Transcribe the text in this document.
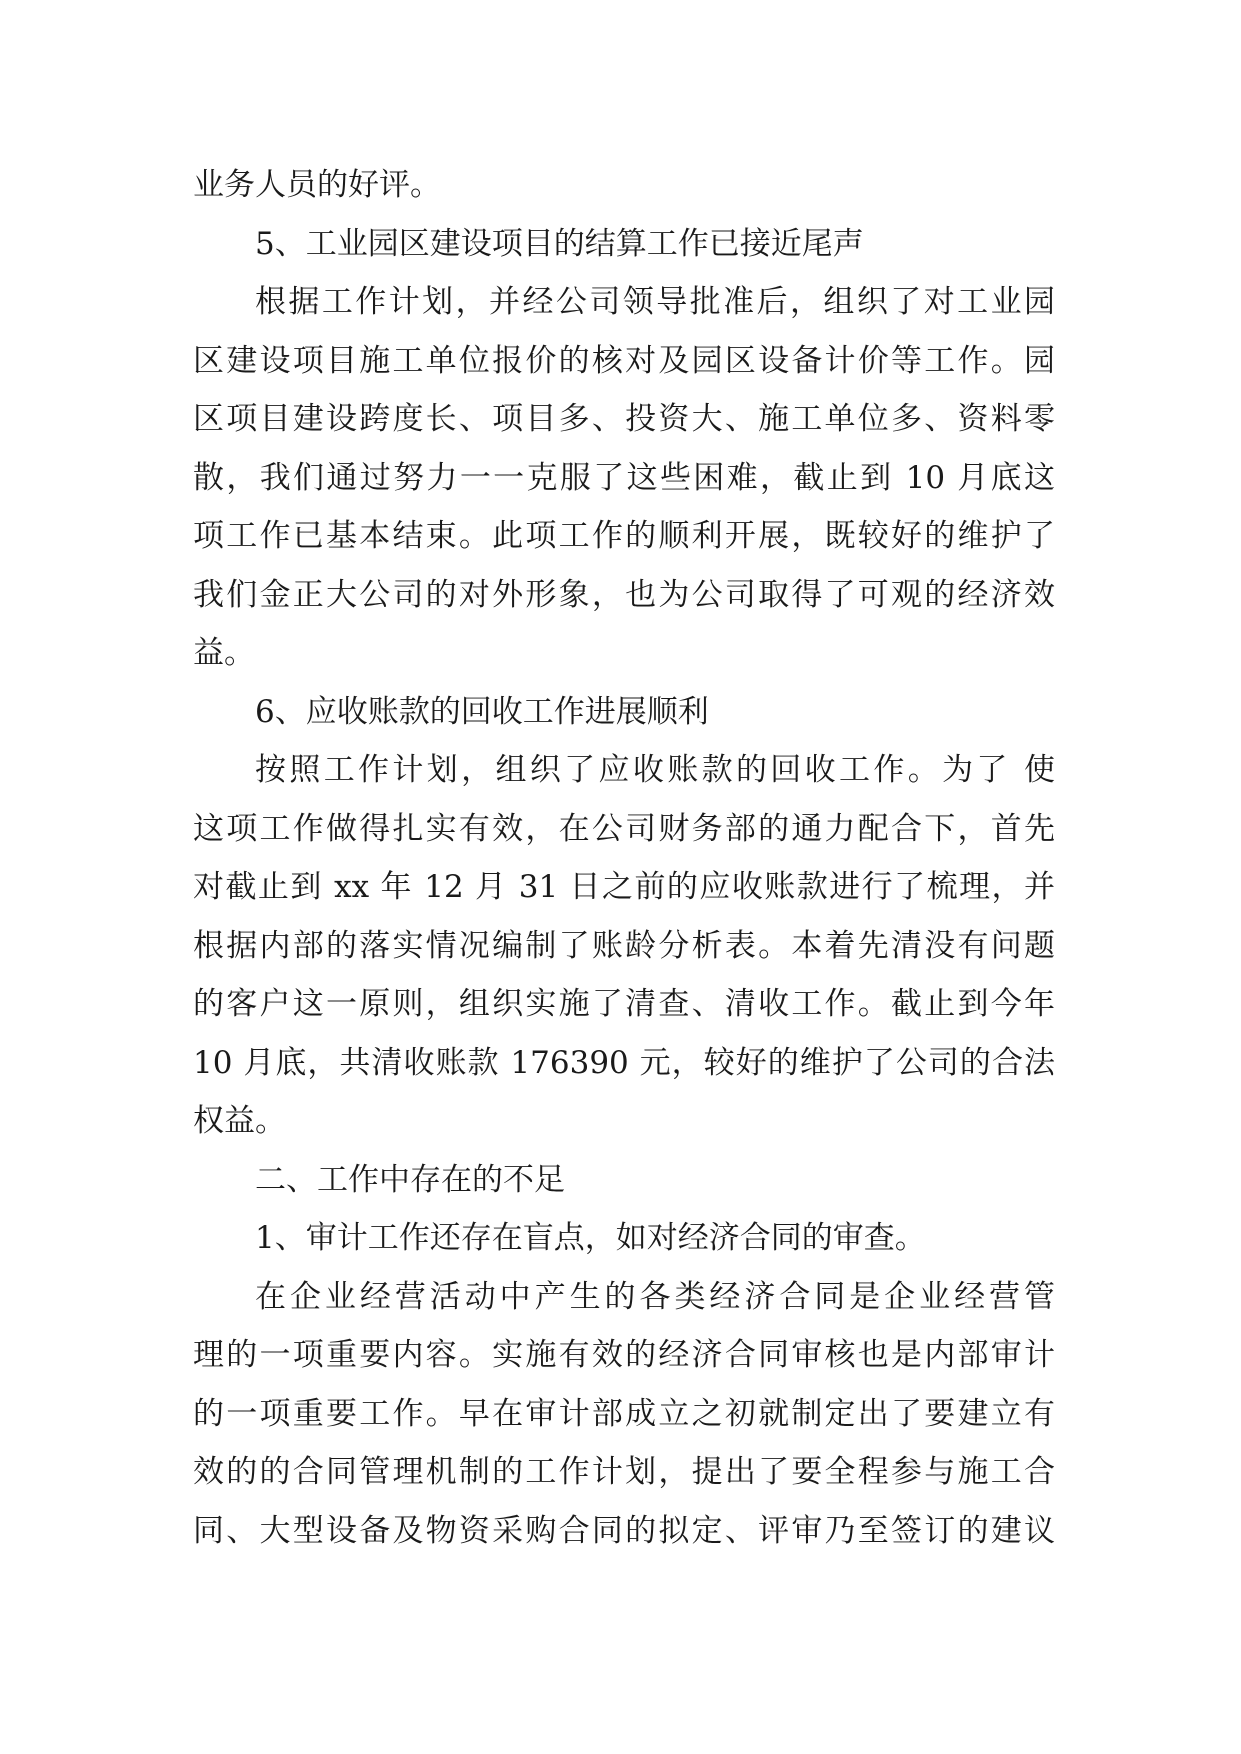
业务人员的好评。
5、工业园区建设项目的结算工作已接近尾声
根据工作计划，并经公司领导批准后，组织了对工业园
区建设项目施工单位报价的核对及园区设备计价等工作。园
区项目建设跨度长、项目多、投资大、施工单位多、资料零
散，我们通过努力一一克服了这些困难，截止到 10 月底这
项工作已基本结束。此项工作的顺利开展，既较好的维护了
我们金正大公司的对外形象，也为公司取得了可观的经济效
益。
6、应收账款的回收工作进展顺利
按照工作计划，组织了应收账款的回收工作。为了 使
这项工作做得扎实有效，在公司财务部的通力配合下，首先
对截止到 xx 年 12 月 31 日之前的应收账款进行了梳理，并
根据内部的落实情况编制了账龄分析表。本着先清没有问题
的客户这一原则，组织实施了清查、清收工作。截止到今年
10 月底，共清收账款 176390 元，较好的维护了公司的合法
权益。
二、工作中存在的不足
1、审计工作还存在盲点，如对经济合同的审查。
在企业经营活动中产生的各类经济合同是企业经营管
理的一项重要内容。实施有效的经济合同审核也是内部审计
的一项重要工作。早在审计部成立之初就制定出了要建立有
效的的合同管理机制的工作计划，提出了要全程参与施工合
同、大型设备及物资采购合同的拟定、评审乃至签订的建议
